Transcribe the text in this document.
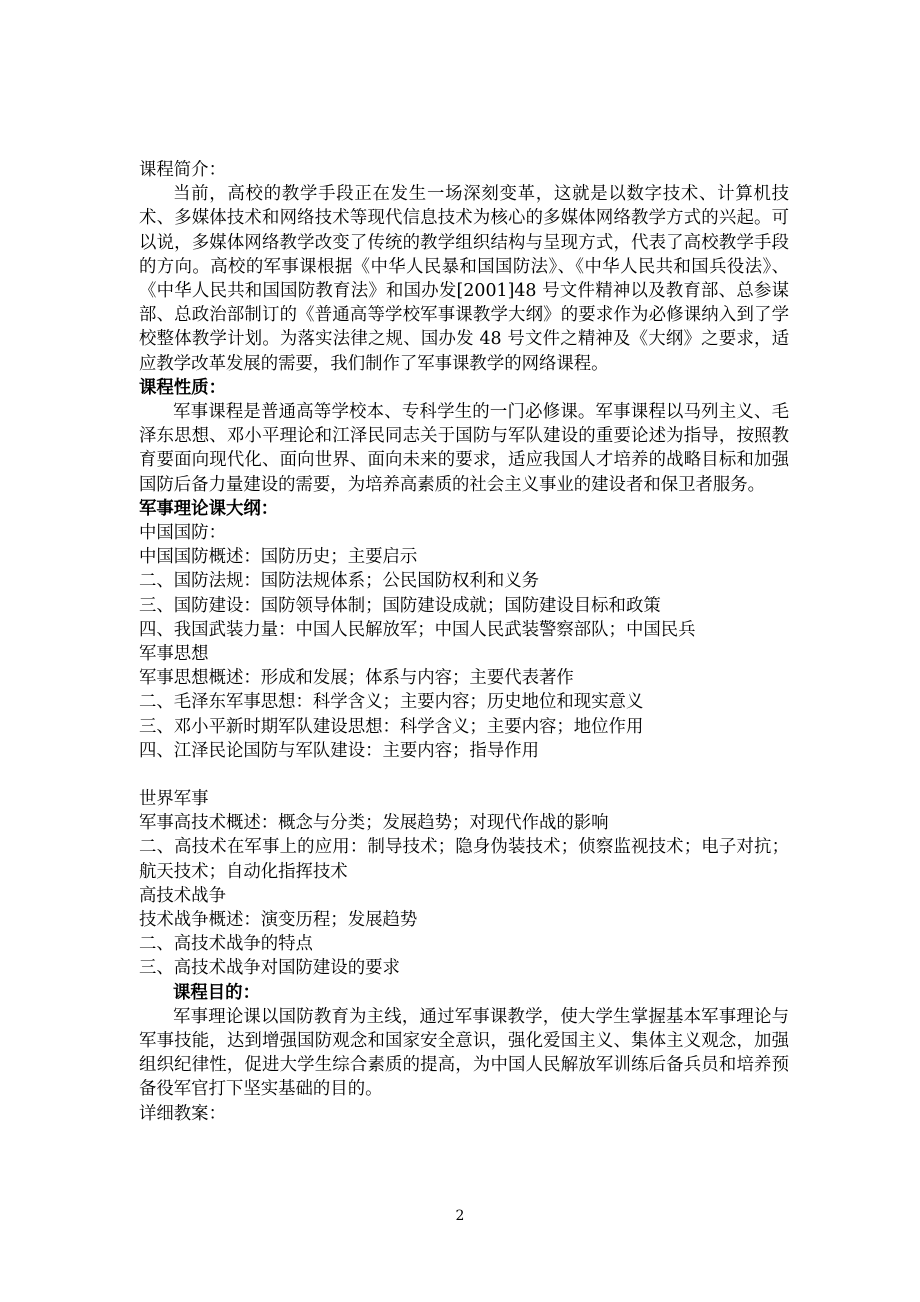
课程简介：

当前，高校的教学手段正在发生一场深刻变革，这就是以数字技术、计算机技术、多媒体技术和网络技术等现代信息技术为核心的多媒体网络教学方式的兴起。可以说，多媒体网络教学改变了传统的教学组织结构与呈现方式，代表了高校教学手段的方向。高校的军事课根据《中华人民暴和国国防法》、《中华人民共和国兵役法》、《中华人民共和国国防教育法》和国办发[2001]48 号文件精神以及教育部、总参谋部、总政治部制订的《普通高等学校军事课教学大纲》的要求作为必修课纳入到了学校整体教学计划。为落实法律之规、国办发 48 号文件之精神及《大纲》之要求，适应教学改革发展的需要，我们制作了军事课教学的网络课程。

课程性质：

军事课程是普通高等学校本、专科学生的一门必修课。军事课程以马列主义、毛泽东思想、邓小平理论和江泽民同志关于国防与军队建设的重要论述为指导，按照教育要面向现代化、面向世界、面向未来的要求，适应我国人才培养的战略目标和加强国防后备力量建设的需要，为培养高素质的社会主义事业的建设者和保卫者服务。

军事理论课大纲：
中国国防：
中国国防概述：国防历史；主要启示
二、国防法规：国防法规体系；公民国防权利和义务
三、国防建设：国防领导体制；国防建设成就；国防建设目标和政策
四、我国武装力量：中国人民解放军；中国人民武装警察部队；中国民兵
军事思想
军事思想概述：形成和发展；体系与内容；主要代表著作
二、毛泽东军事思想：科学含义；主要内容；历史地位和现实意义
三、邓小平新时期军队建设思想：科学含义；主要内容；地位作用
四、江泽民论国防与军队建设：主要内容；指导作用
世界军事
军事高技术概述：概念与分类；发展趋势；对现代作战的影响

二、高技术在军事上的应用：制导技术；隐身伪装技术；侦察监视技术；电子对抗；航天技术；自动化指挥技术

高技术战争
技术战争概述：演变历程；发展趋势
二、高技术战争的特点
三、高技术战争对国防建设的要求
课程目的：

军事理论课以国防教育为主线，通过军事课教学，使大学生掌握基本军事理论与军事技能，达到增强国防观念和国家安全意识，强化爱国主义、集体主义观念，加强组织纪律性，促进大学生综合素质的提高，为中国人民解放军训练后备兵员和培养预备役军官打下坚实基础的目的。

详细教案：
2
